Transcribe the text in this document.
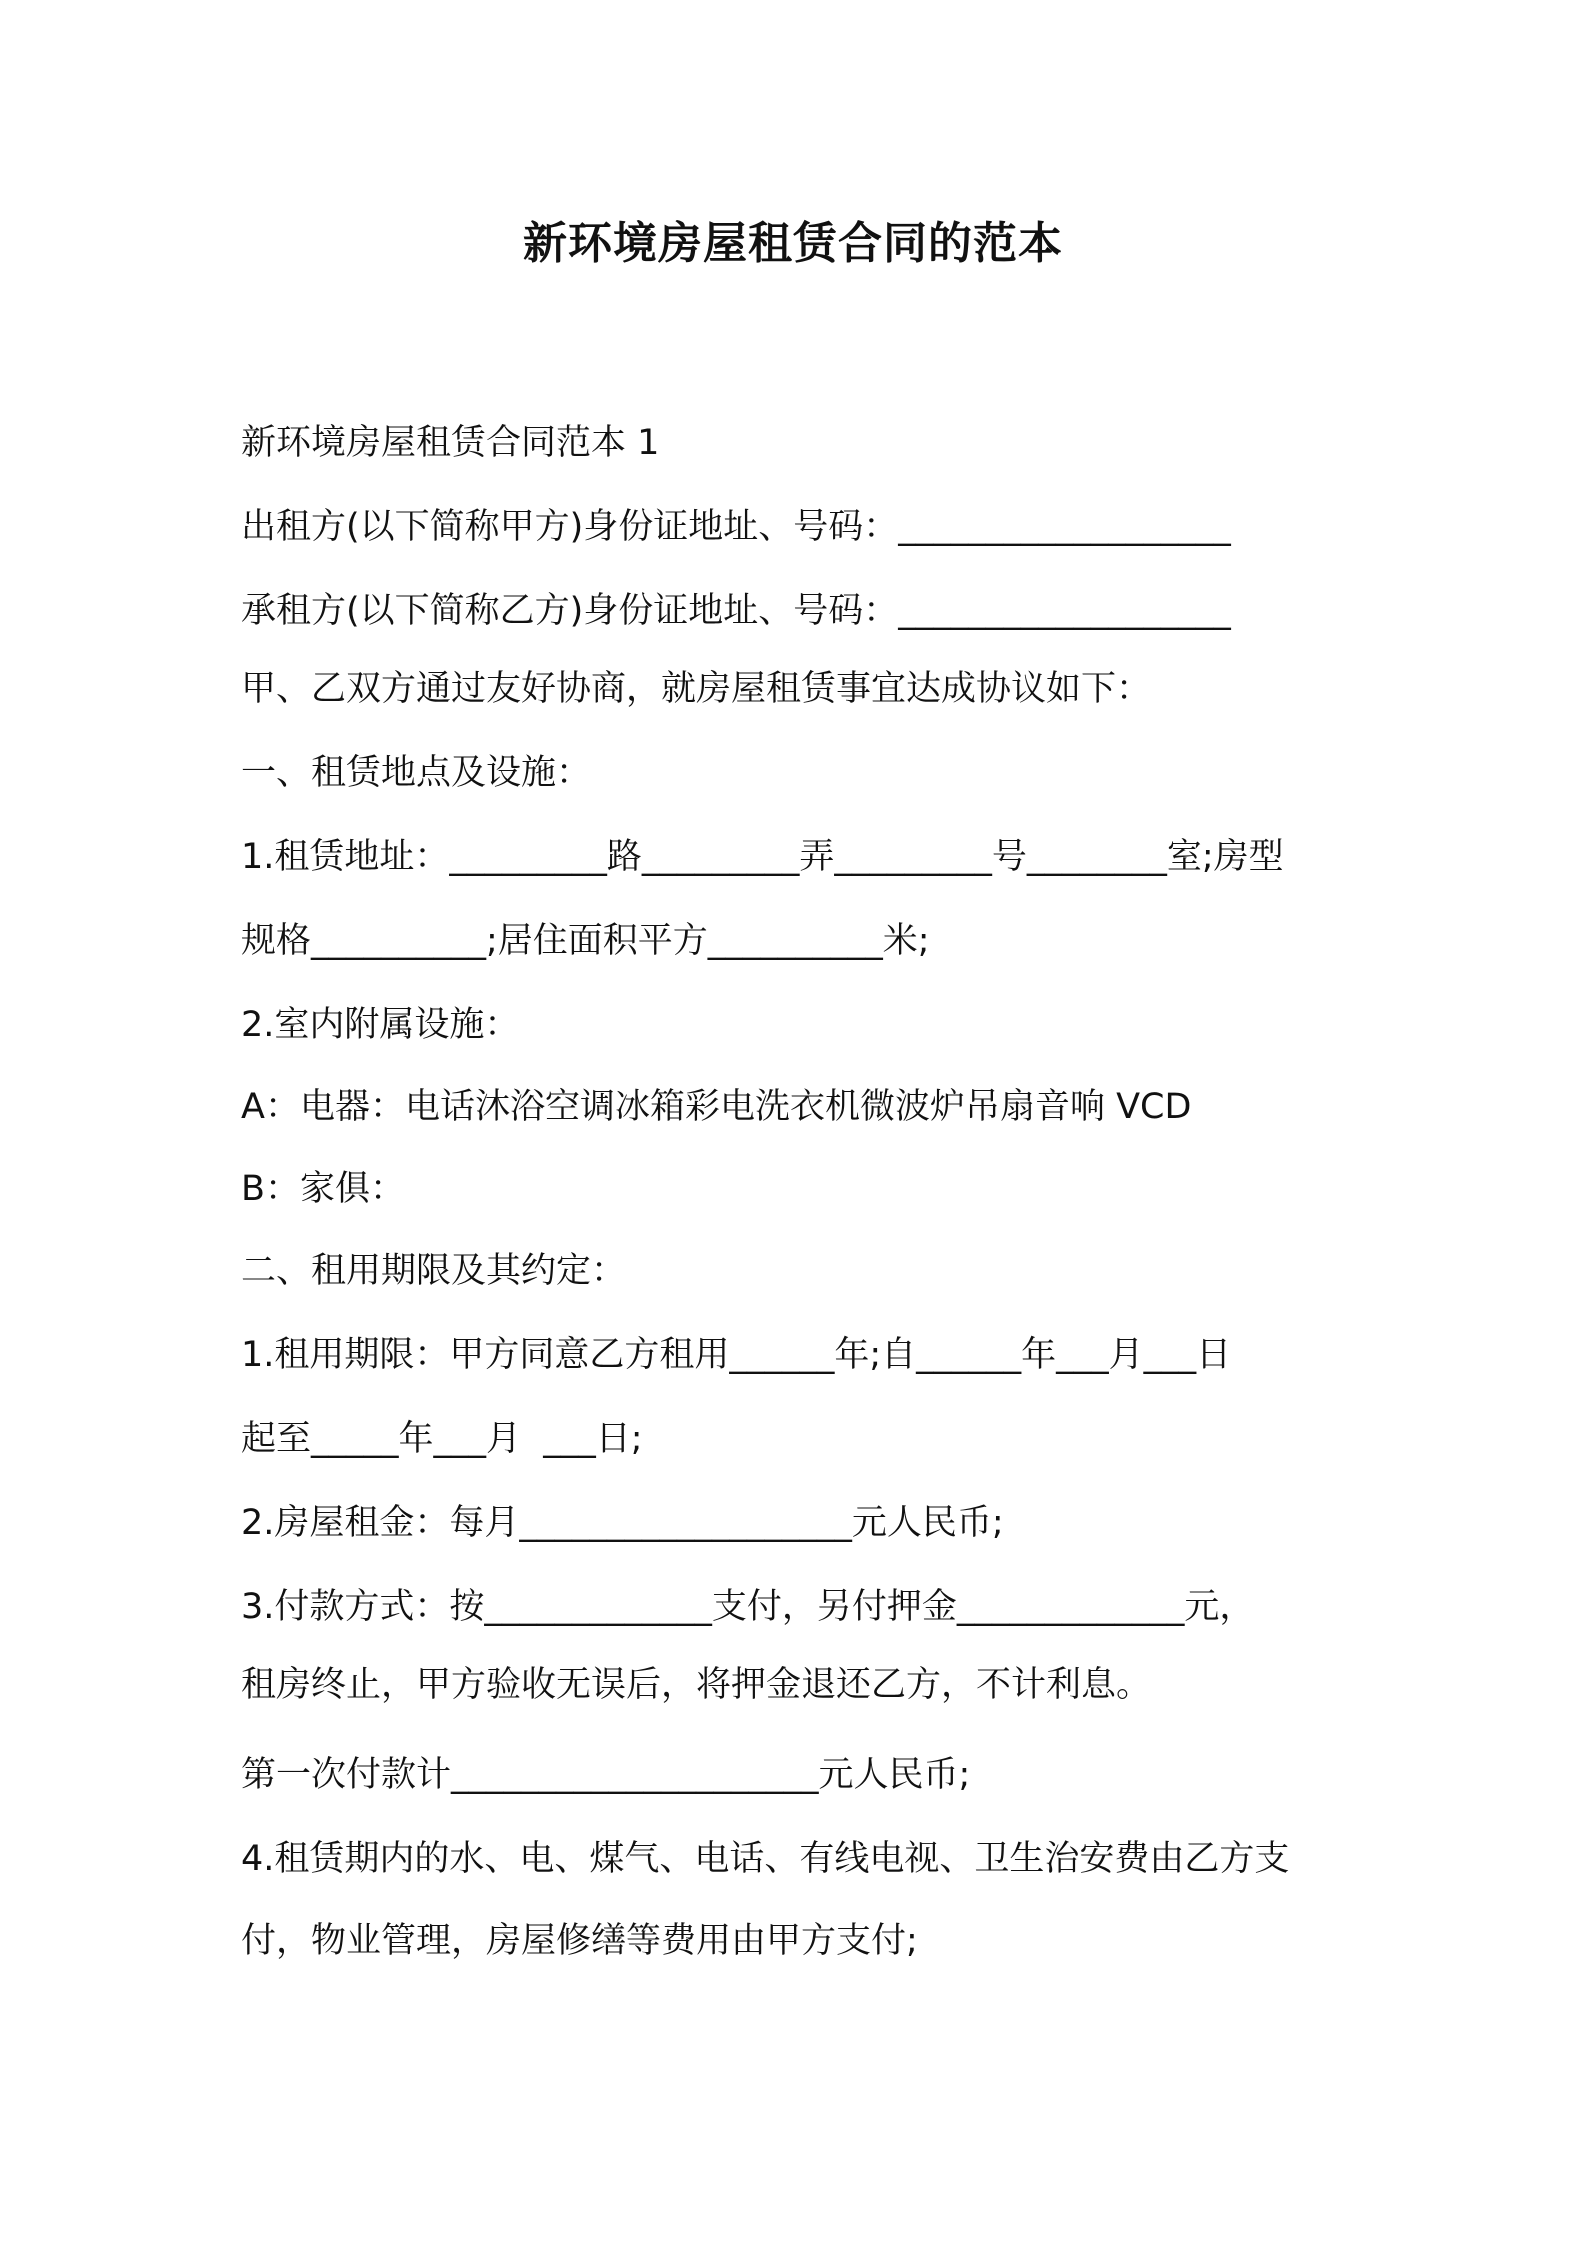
新环境房屋租赁合同的范本
新环境房屋租赁合同范本 1
出租方(以下简称甲方)身份证地址、号码：___________________
承租方(以下简称乙方)身份证地址、号码：___________________
甲、乙双方通过友好协商，就房屋租赁事宜达成协议如下：
一、租赁地点及设施：
1.租赁地址：_________路_________弄_________号________室;房型
规格__________;居住面积平方__________米;
2.室内附属设施：
A：电器：电话沐浴空调冰箱彩电洗衣机微波炉吊扇音响 VCD
B：家俱：
二、租用期限及其约定：
1.租用期限：甲方同意乙方租用______年;自______年___月___日
起至_____年___月  ___日;
2.房屋租金：每月___________________元人民币;
3.付款方式：按_____________支付，另付押金_____________元，
租房终止，甲方验收无误后，将押金退还乙方，不计利息。
第一次付款计_____________________元人民币;
4.租赁期内的水、电、煤气、电话、有线电视、卫生治安费由乙方支
付，物业管理，房屋修缮等费用由甲方支付;
